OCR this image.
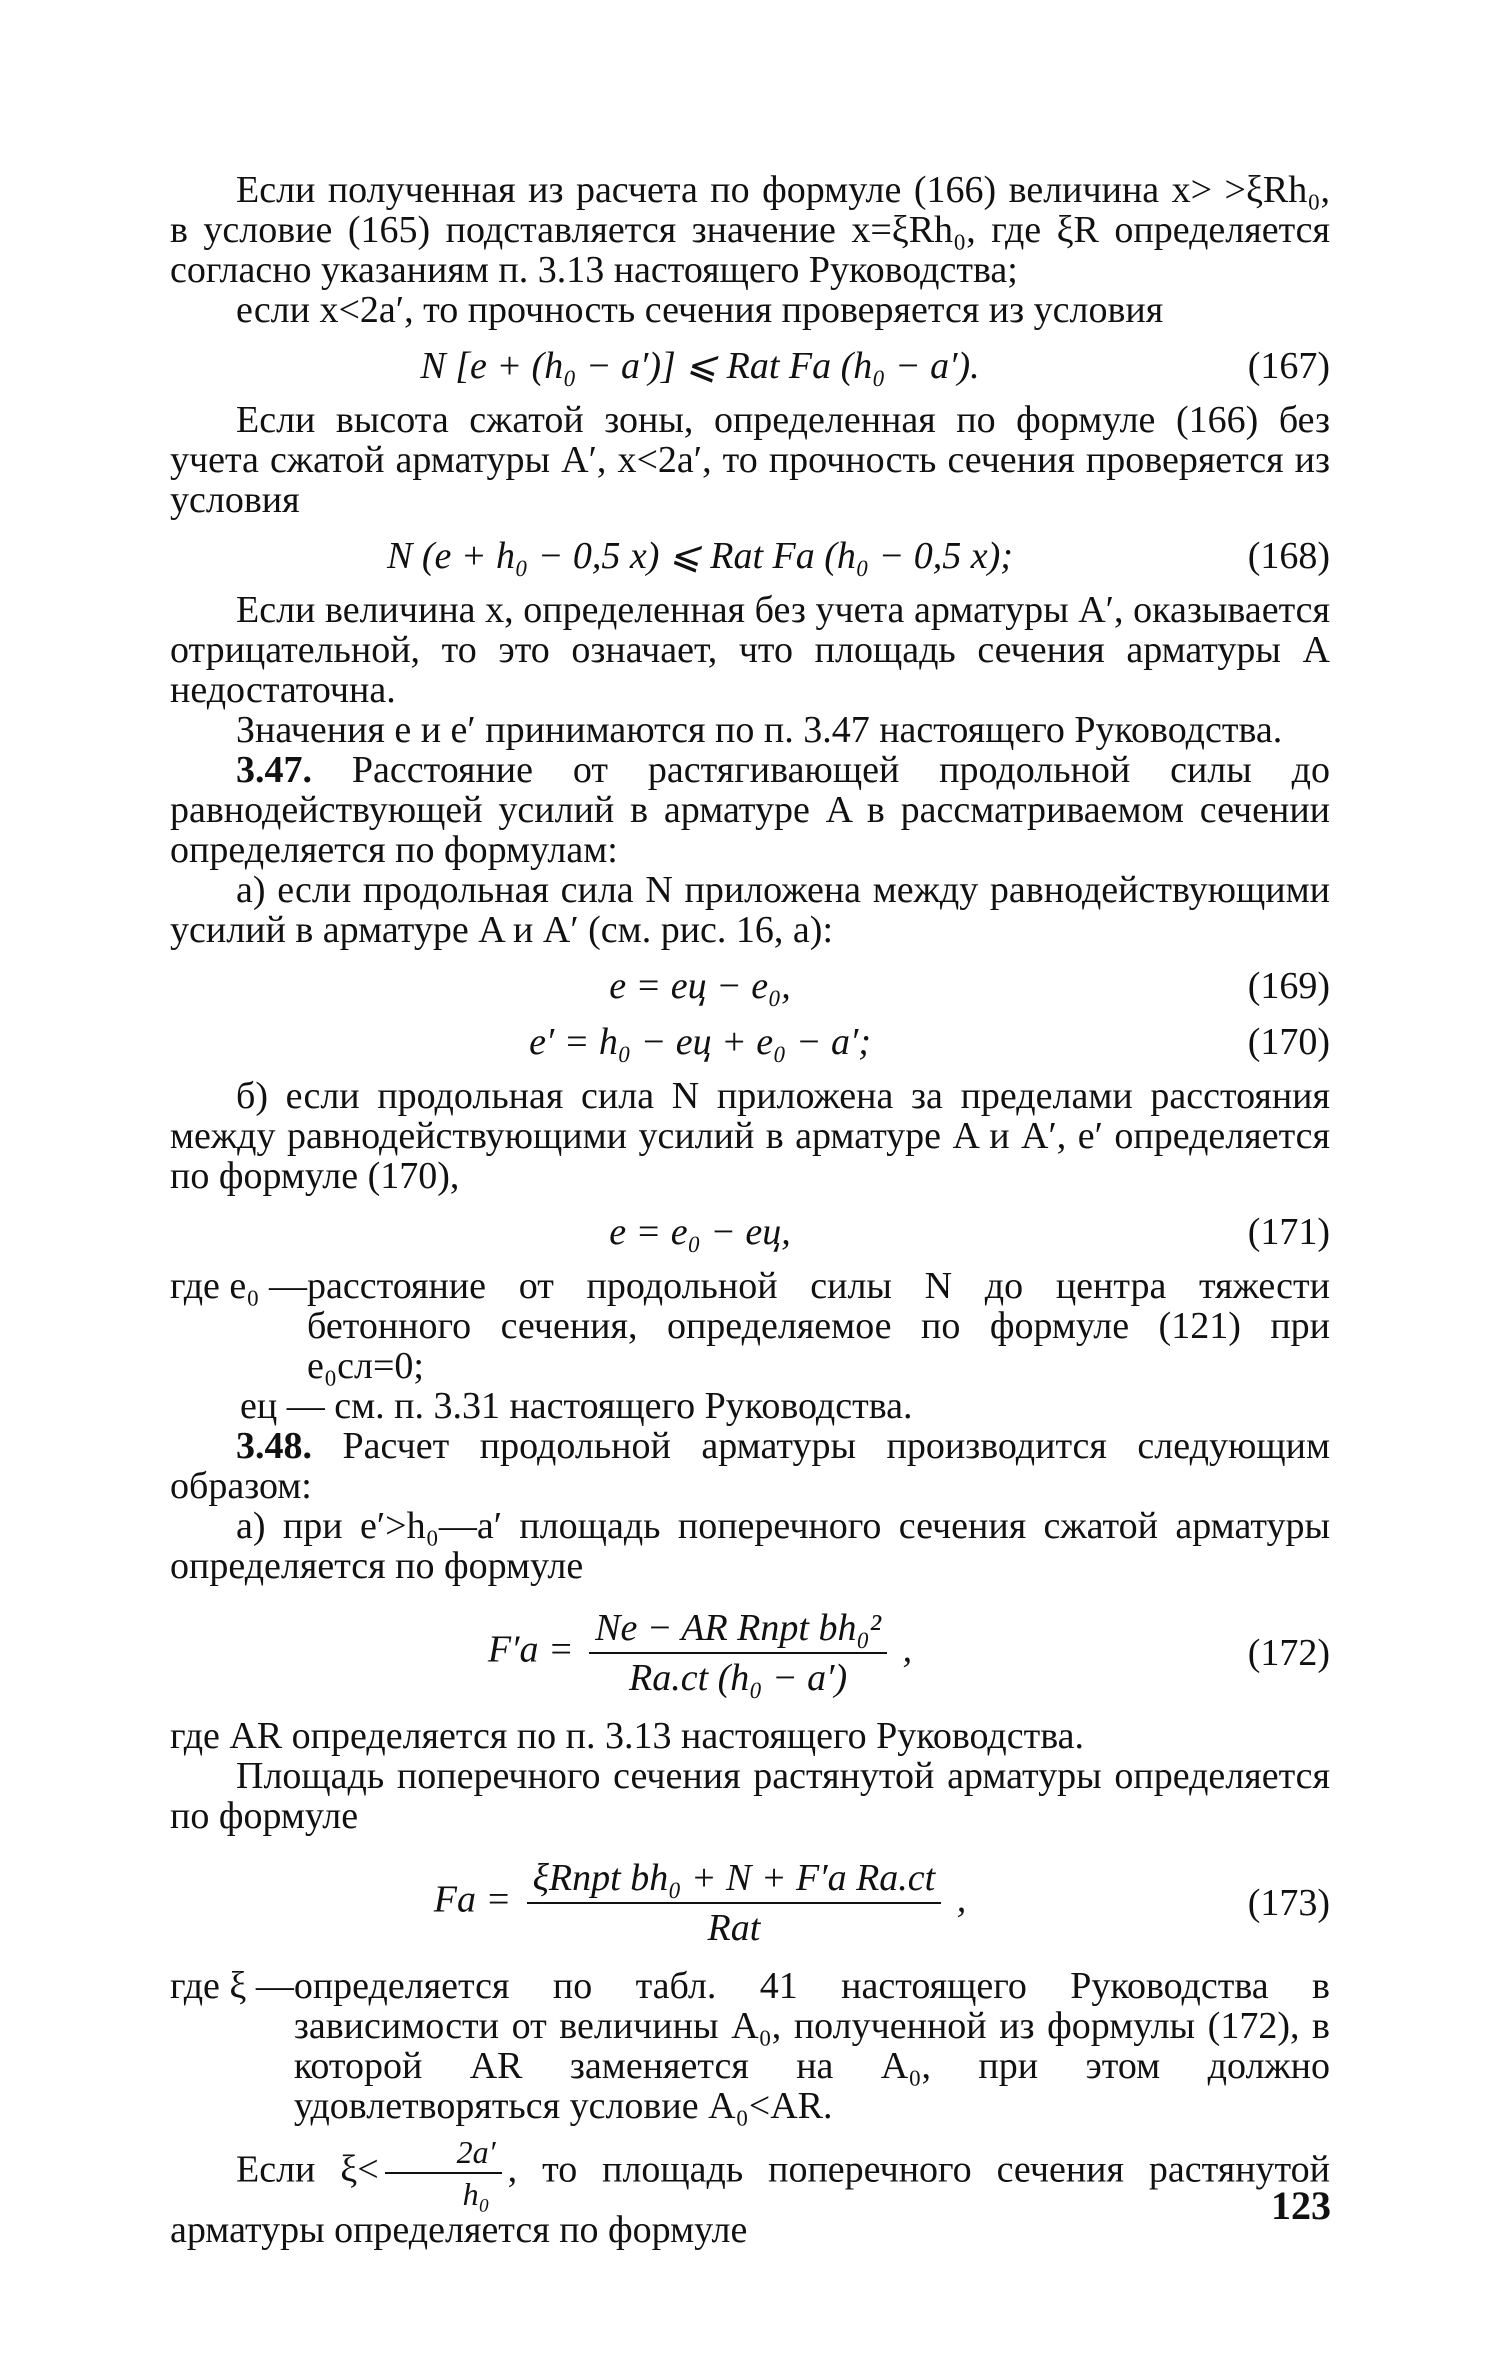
Если полученная из расчета по формуле (166) величина x> >ξRh₀, в условие (165) подставляется значение x=ξRh₀, где ξR определяется согласно указаниям п. 3.13 настоящего Руководства;

если x<2a′, то прочность сечения проверяется из условия

N [e + (h₀ − a′)] ⩽ Rat Fa (h₀ − a′).	(167)

Если высота сжатой зоны, определенная по формуле (166) без учета сжатой арматуры A′, x<2a′, то прочность сечения проверяется из условия

N (e + h₀ − 0,5 x) ⩽ Rat Fa (h₀ − 0,5 x);	(168)

Если величина x, определенная без учета арматуры A′, оказывается отрицательной, то это означает, что площадь сечения арматуры A недостаточна.

Значения e и e′ принимаются по п. 3.47 настоящего Руководства.

3.47. Расстояние от растягивающей продольной силы до равнодействующей усилий в арматуре A в рассматриваемом сечении определяется по формулам:

а) если продольная сила N приложена между равнодействующими усилий в арматуре A и A′ (см. рис. 16, а):

e = eц − e₀,	(169)
e′ = h₀ − eц + e₀ − a′;	(170)

б) если продольная сила N приложена за пределами расстояния между равнодействующими усилий в арматуре A и A′, e′ определяется по формуле (170),

e = e₀ − eц,	(171)
где e₀ — расстояние от продольной силы N до центра тяжести бетонного сечения, определяемое по формуле (121) при e₀сл=0;

eц — см. п. 3.31 настоящего Руководства.

3.48. Расчет продольной арматуры производится следующим образом:

а) при e′>h₀—a′ площадь поперечного сечения сжатой арматуры определяется по формуле

$F'a = \frac{\text{Ne − AR Rпрt bh₀²}}{\text{Ra.ct (h₀ − a′)}}$ ,	(172)

где AR определяется по п. 3.13 настоящего Руководства.

Площадь поперечного сечения растянутой арматуры определяется по формуле

$Fa = \frac{\text{ξRпрt bh₀ + N + F′a Ra.ct}}{\text{Rat}}$ ,	(173)
где ξ — определяется по табл. 41 настоящего Руководства в зависимости от величины A₀, полученной из формулы (172), в которой AR заменяется на A₀, при этом должно удовлетворяться условие A₀<AR.

Если $\xi< \frac{2a'}{\text{h₀}}$ , то площадь поперечного сечения растянутой арматуры определяется по формуле

123
